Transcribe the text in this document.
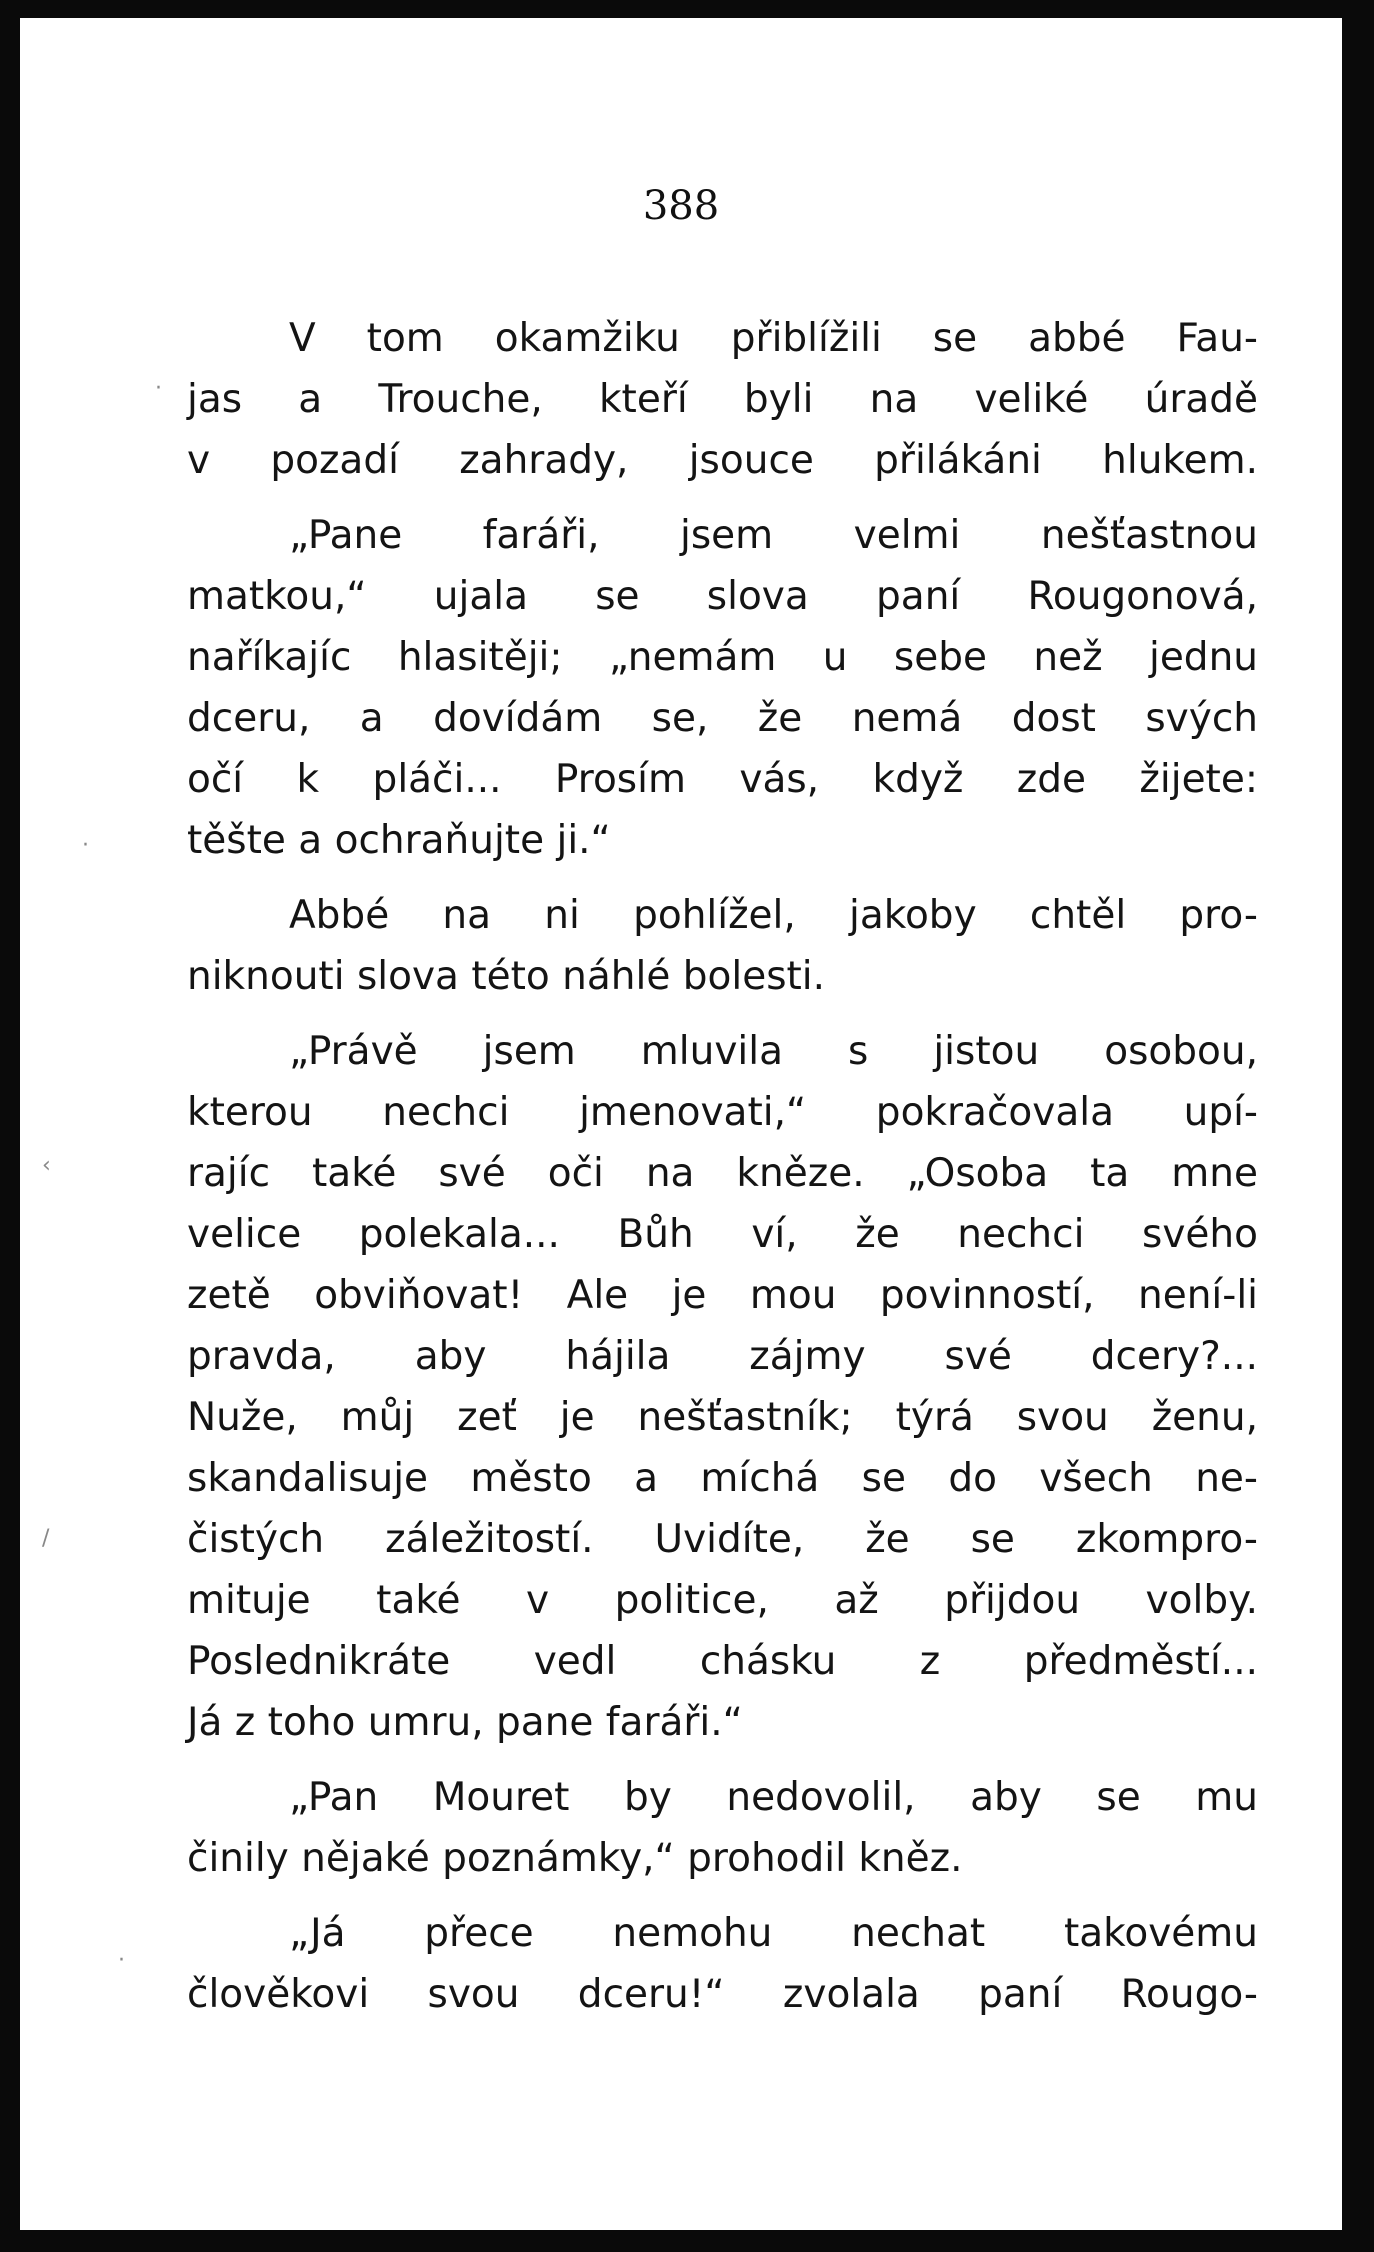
388

V tom okamžiku přiblížili se abbé Fau-
jas a Trouche, kteří byli na veliké úradě
v pozadí zahrady, jsouce přilákáni hlukem.

„Pane faráři, jsem velmi nešťastnou
matkou,“ ujala se slova paní Rougonová,
naříkajíc hlasitěji; „nemám u sebe než jednu
dceru, a dovídám se, že nemá dost svých
očí k pláči... Prosím vás, když zde žijete:
těšte a ochraňujte ji.“

Abbé na ni pohlížel, jakoby chtěl pro-
niknouti slova této náhlé bolesti.

„Právě jsem mluvila s jistou osobou,
kterou nechci jmenovati,“ pokračovala upí-
rajíc také své oči na kněze. „Osoba ta mne
velice polekala... Bůh ví, že nechci svého
zetě obviňovat! Ale je mou povinností, není-li
pravda, aby hájila zájmy své dcery?...
Nuže, můj zeť je nešťastník; týrá svou ženu,
skandalisuje město a míchá se do všech ne-
čistých záležitostí. Uvidíte, že se zkompro-
mituje také v politice, až přijdou volby.
Poslednikráte vedl chásku z předměstí...
Já z toho umru, pane faráři.“

„Pan Mouret by nedovolil, aby se mu
činily nějaké poznámky,“ prohodil kněz.

„Já přece nemohu nechat takovému
člověkovi svou dceru!“ zvolala paní Rougo-

·
·
‹
/
·
